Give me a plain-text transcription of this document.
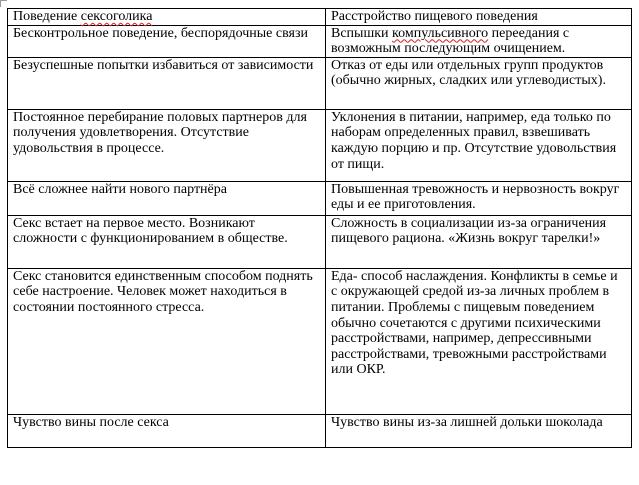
Поведение сексоголика	Расстройство пищевого поведения
Бесконтрольное поведение, беспорядочные связи	Вспышки компульсивного переедания с возможным последующим очищением.
Безуспешные попытки избавиться от зависимости	Отказ от еды или отдельных групп продуктов (обычно жирных, сладких или углеводистых).
Постоянное перебирание половых партнеров для получения удовлетворения. Отсутствие удовольствия в процессе.	Уклонения в питании, например, еда только по наборам определенных правил, взвешивать каждую порцию и пр. Отсутствие удовольствия от пищи.
Всё сложнее найти нового партнёра	Повышенная тревожность и нервозность вокруг еды и ее приготовления.
Секс встает на первое место. Возникают сложности с функционированием в обществе.	Сложность в социализации из-за ограничения пищевого рациона. «Жизнь вокруг тарелки!»
Секс становится единственным способом поднять себе настроение. Человек может находиться в состоянии постоянного стресса.	Еда- способ наслаждения. Конфликты в семье и с окружающей средой из-за личных проблем в питании. Проблемы с пищевым поведением обычно сочетаются с другими психическими расстройствами, например, депрессивными расстройствами, тревожными расстройствами или ОКР.
Чувство вины после секса	Чувство вины из-за лишней дольки шоколада
